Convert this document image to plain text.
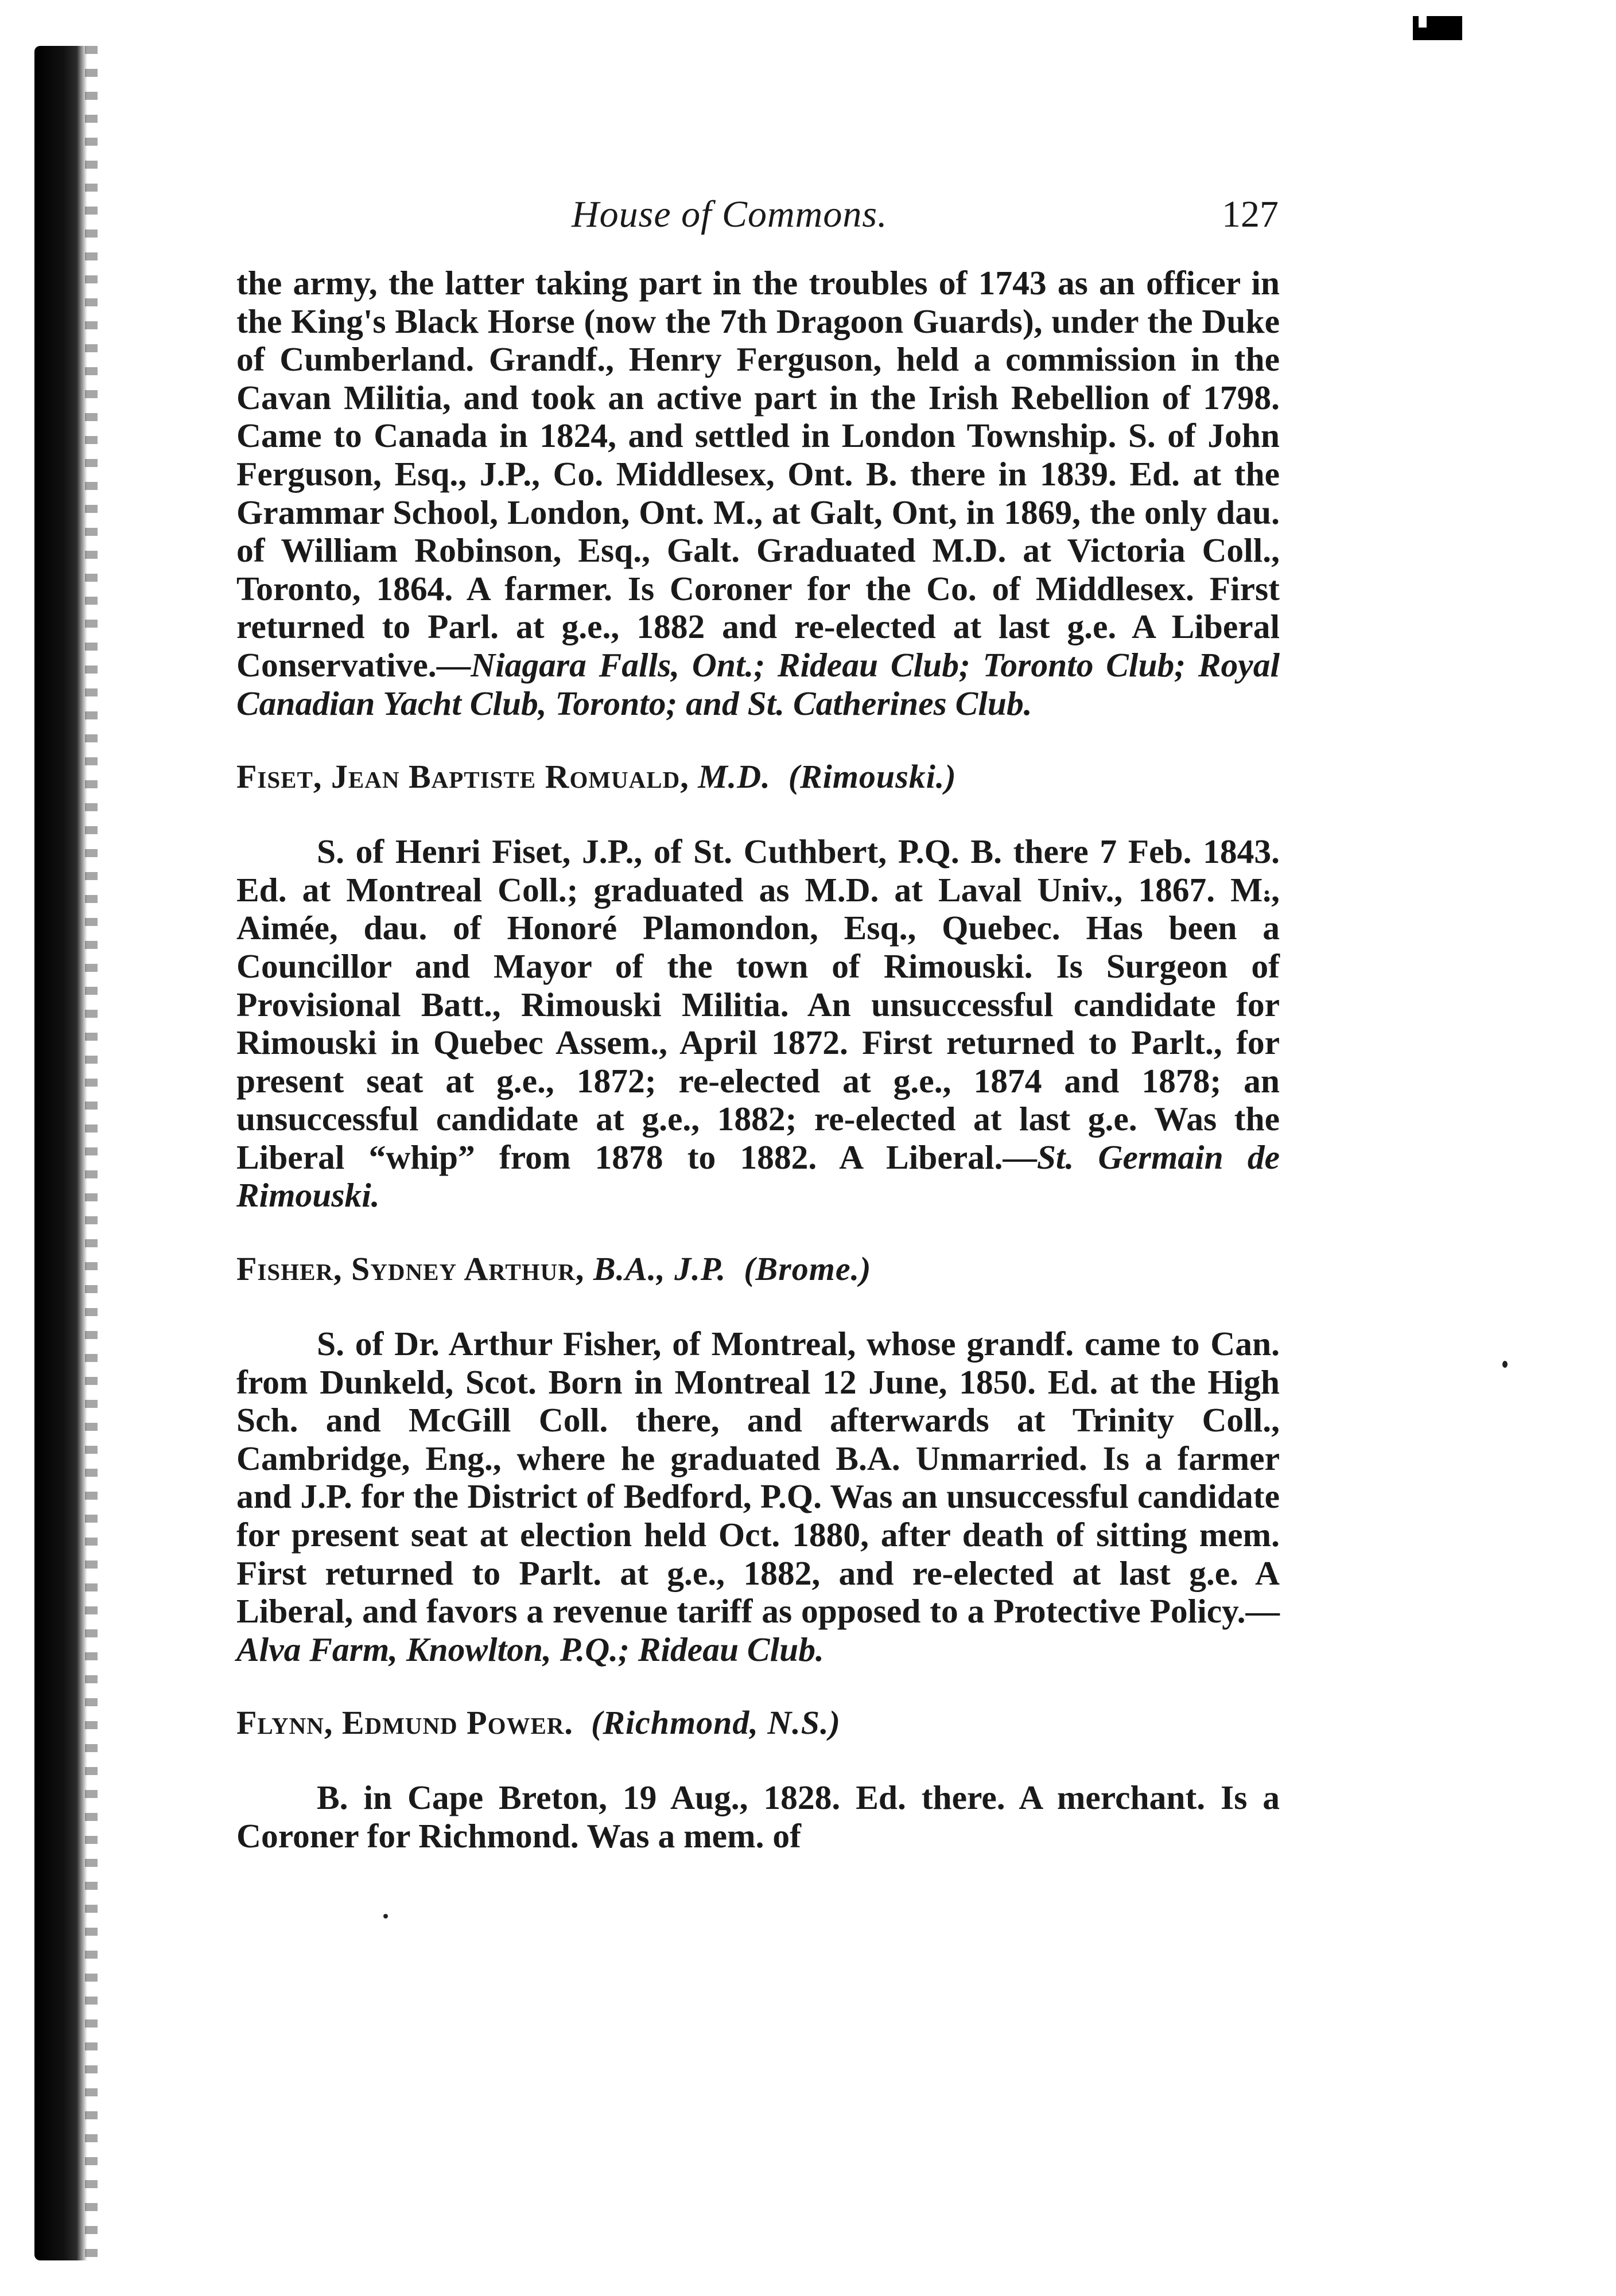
House of Commons.	127

the army, the latter taking part in the troubles of 1743 as an officer in the King's Black Horse (now the 7th Dragoon Guards), under the Duke of Cumberland. Grandf., Henry Ferguson, held a commission in the Cavan Militia, and took an active part in the Irish Rebellion of 1798. Came to Canada in 1824, and settled in London Township. S. of John Ferguson, Esq., J.P., Co. Middlesex, Ont. B. there in 1839. Ed. at the Grammar School, London, Ont. M., at Galt, Ont, in 1869, the only dau. of William Robinson, Esq., Galt. Graduated M.D. at Victoria Coll., Toronto, 1864. A farmer. Is Coroner for the Co. of Middlesex. First returned to Parl. at g.e., 1882 and re-elected at last g.e. A Liberal Conservative.—Niagara Falls, Ont.; Rideau Club; Toronto Club; Royal Canadian Yacht Club, Toronto; and St. Catherines Club.

Fiset, Jean Baptiste Romuald, M.D. (Rimouski.)

S. of Henri Fiset, J.P., of St. Cuthbert, P.Q. B. there 7 Feb. 1843. Ed. at Montreal Coll.; graduated as M.D. at Laval Univ., 1867. M., Aimée, dau. of Honoré Plamondon, Esq., Quebec. Has been a Councillor and Mayor of the town of Rimouski. Is Surgeon of Provisional Batt., Rimouski Militia. An unsuccessful candidate for Rimouski in Quebec Assem., April 1872. First returned to Parlt., for present seat at g.e., 1872; re-elected at g.e., 1874 and 1878; an unsuccessful candidate at g.e., 1882; re-elected at last g.e. Was the Liberal “whip” from 1878 to 1882. A Liberal.—St. Germain de Rimouski.

Fisher, Sydney Arthur, B.A., J.P. (Brome.)

S. of Dr. Arthur Fisher, of Montreal, whose grandf. came to Can. from Dunkeld, Scot. Born in Montreal 12 June, 1850. Ed. at the High Sch. and McGill Coll. there, and afterwards at Trinity Coll., Cambridge, Eng., where he graduated B.A. Unmarried. Is a farmer and J.P. for the District of Bedford, P.Q. Was an unsuccessful candidate for present seat at election held Oct. 1880, after death of sitting mem. First returned to Parlt. at g.e., 1882, and re-elected at last g.e. A Liberal, and favors a revenue tariff as opposed to a Protective Policy.—Alva Farm, Knowlton, P.Q.; Rideau Club.

Flynn, Edmund Power. (Richmond, N.S.)

B. in Cape Breton, 19 Aug., 1828. Ed. there. A merchant. Is a Coroner for Richmond. Was a mem. of
